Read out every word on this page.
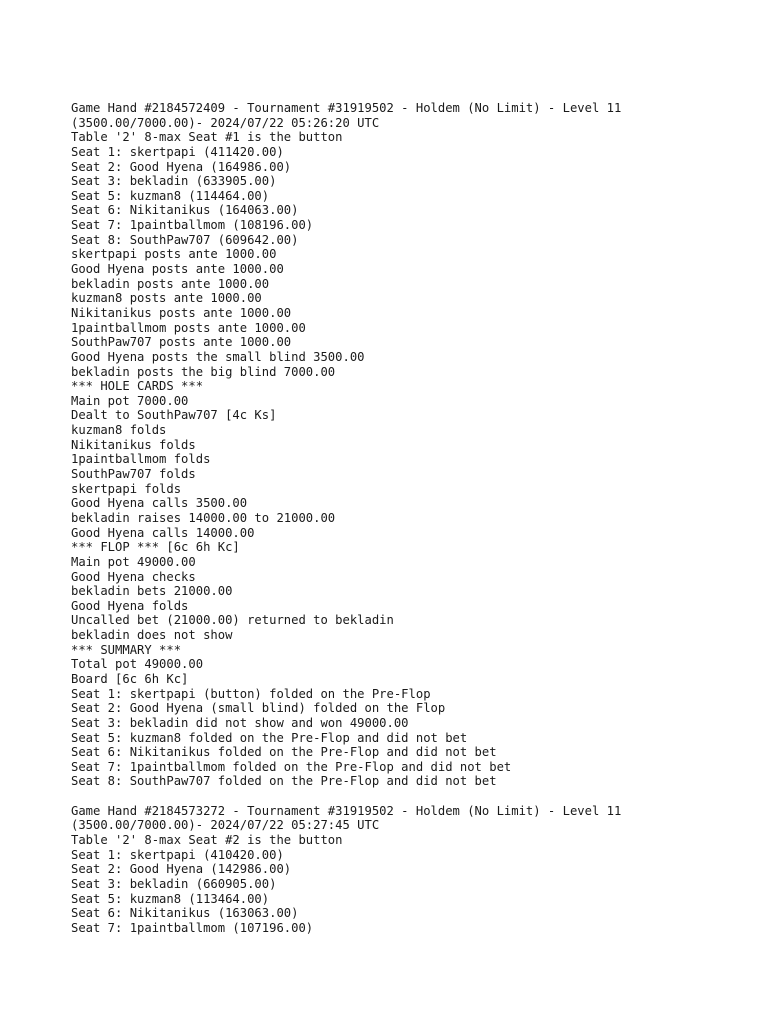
Game Hand #2184572409 - Tournament #31919502 - Holdem (No Limit) - Level 11
(3500.00/7000.00)- 2024/07/22 05:26:20 UTC
Table '2' 8-max Seat #1 is the button
Seat 1: skertpapi (411420.00)
Seat 2: Good Hyena (164986.00)
Seat 3: bekladin (633905.00)
Seat 5: kuzman8 (114464.00)
Seat 6: Nikitanikus (164063.00)
Seat 7: 1paintballmom (108196.00)
Seat 8: SouthPaw707 (609642.00)
skertpapi posts ante 1000.00
Good Hyena posts ante 1000.00
bekladin posts ante 1000.00
kuzman8 posts ante 1000.00
Nikitanikus posts ante 1000.00
1paintballmom posts ante 1000.00
SouthPaw707 posts ante 1000.00
Good Hyena posts the small blind 3500.00
bekladin posts the big blind 7000.00
*** HOLE CARDS ***
Main pot 7000.00
Dealt to SouthPaw707 [4c Ks]
kuzman8 folds
Nikitanikus folds
1paintballmom folds
SouthPaw707 folds
skertpapi folds
Good Hyena calls 3500.00
bekladin raises 14000.00 to 21000.00
Good Hyena calls 14000.00
*** FLOP *** [6c 6h Kc]
Main pot 49000.00
Good Hyena checks
bekladin bets 21000.00
Good Hyena folds
Uncalled bet (21000.00) returned to bekladin
bekladin does not show
*** SUMMARY ***
Total pot 49000.00
Board [6c 6h Kc]
Seat 1: skertpapi (button) folded on the Pre-Flop
Seat 2: Good Hyena (small blind) folded on the Flop
Seat 3: bekladin did not show and won 49000.00
Seat 5: kuzman8 folded on the Pre-Flop and did not bet
Seat 6: Nikitanikus folded on the Pre-Flop and did not bet
Seat 7: 1paintballmom folded on the Pre-Flop and did not bet
Seat 8: SouthPaw707 folded on the Pre-Flop and did not bet
Game Hand #2184573272 - Tournament #31919502 - Holdem (No Limit) - Level 11
(3500.00/7000.00)- 2024/07/22 05:27:45 UTC
Table '2' 8-max Seat #2 is the button
Seat 1: skertpapi (410420.00)
Seat 2: Good Hyena (142986.00)
Seat 3: bekladin (660905.00)
Seat 5: kuzman8 (113464.00)
Seat 6: Nikitanikus (163063.00)
Seat 7: 1paintballmom (107196.00)
